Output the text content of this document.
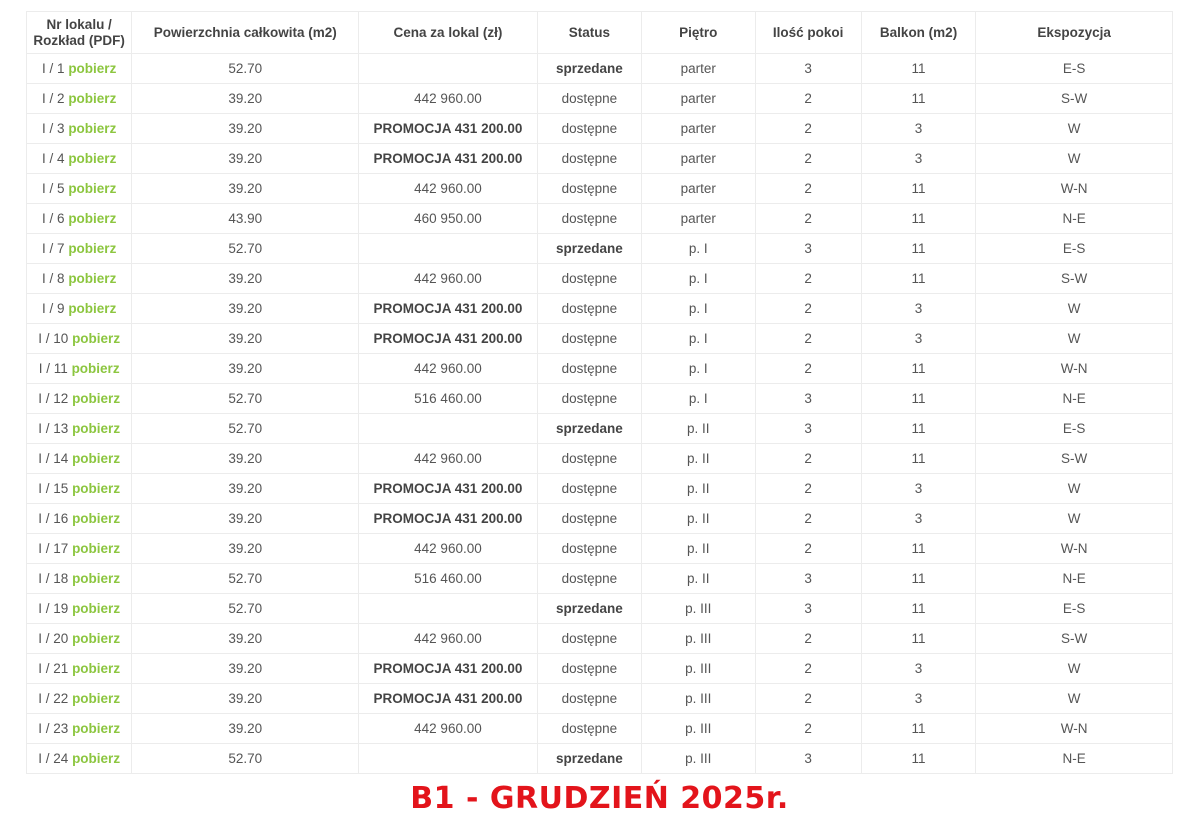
Nr lokalu /
Rozkład (PDF)	Powierzchnia całkowita (m2)	Cena za lokal (zł)	Status	Piętro	Ilość pokoi	Balkon (m2)	Ekspozycja
I / 1 pobierz	52.70		sprzedane	parter	3	11	E-S
I / 2 pobierz	39.20	442 960.00	dostępne	parter	2	11	S-W
I / 3 pobierz	39.20	PROMOCJA 431 200.00	dostępne	parter	2	3	W
I / 4 pobierz	39.20	PROMOCJA 431 200.00	dostępne	parter	2	3	W
I / 5 pobierz	39.20	442 960.00	dostępne	parter	2	11	W-N
I / 6 pobierz	43.90	460 950.00	dostępne	parter	2	11	N-E
I / 7 pobierz	52.70		sprzedane	p. I	3	11	E-S
I / 8 pobierz	39.20	442 960.00	dostępne	p. I	2	11	S-W
I / 9 pobierz	39.20	PROMOCJA 431 200.00	dostępne	p. I	2	3	W
I / 10 pobierz	39.20	PROMOCJA 431 200.00	dostępne	p. I	2	3	W
I / 11 pobierz	39.20	442 960.00	dostępne	p. I	2	11	W-N
I / 12 pobierz	52.70	516 460.00	dostępne	p. I	3	11	N-E
I / 13 pobierz	52.70		sprzedane	p. II	3	11	E-S
I / 14 pobierz	39.20	442 960.00	dostępne	p. II	2	11	S-W
I / 15 pobierz	39.20	PROMOCJA 431 200.00	dostępne	p. II	2	3	W
I / 16 pobierz	39.20	PROMOCJA 431 200.00	dostępne	p. II	2	3	W
I / 17 pobierz	39.20	442 960.00	dostępne	p. II	2	11	W-N
I / 18 pobierz	52.70	516 460.00	dostępne	p. II	3	11	N-E
I / 19 pobierz	52.70		sprzedane	p. III	3	11	E-S
I / 20 pobierz	39.20	442 960.00	dostępne	p. III	2	11	S-W
I / 21 pobierz	39.20	PROMOCJA 431 200.00	dostępne	p. III	2	3	W
I / 22 pobierz	39.20	PROMOCJA 431 200.00	dostępne	p. III	2	3	W
I / 23 pobierz	39.20	442 960.00	dostępne	p. III	2	11	W-N
I / 24 pobierz	52.70		sprzedane	p. III	3	11	N-E
B1 - GRUDZIEŃ 2025r.
